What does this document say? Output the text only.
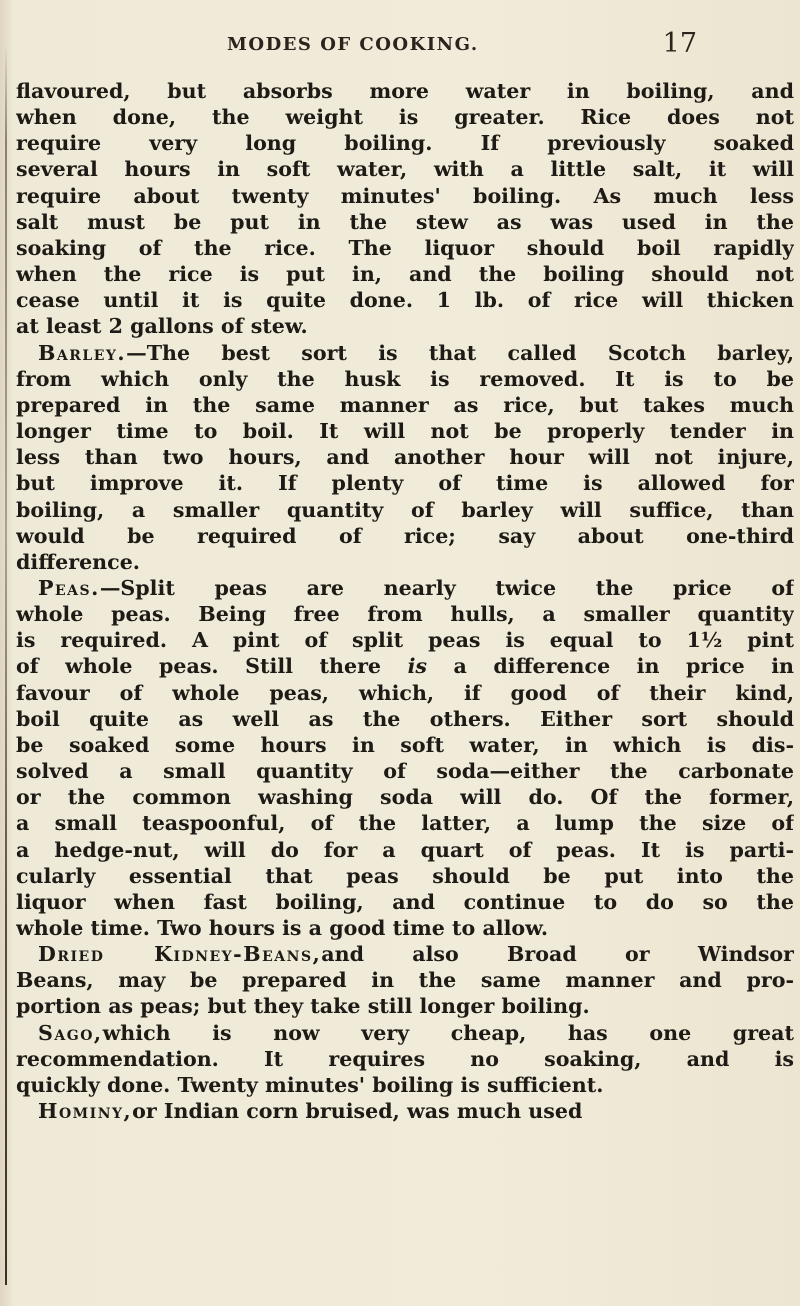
MODES OF COOKING.	17
flavoured, but absorbs more water in boiling, and
when done, the weight is greater. Rice does not
require very long boiling. If previously soaked
several hours in soft water, with a little salt, it will
require about twenty minutes' boiling. As much less
salt must be put in the stew as was used in the
soaking of the rice. The liquor should boil rapidly
when the rice is put in, and the boiling should not
cease until it is quite done. 1 lb. of rice will thicken
at least 2 gallons of stew.
Barley.—The best sort is that called Scotch barley,
from which only the husk is removed. It is to be
prepared in the same manner as rice, but takes much
longer time to boil. It will not be properly tender in
less than two hours, and another hour will not injure,
but improve it. If plenty of time is allowed for
boiling, a smaller quantity of barley will suffice, than
would be required of rice; say about one-third
difference.
Peas.—Split peas are nearly twice the price of
whole peas. Being free from hulls, a smaller quantity
is required. A pint of split peas is equal to 1½ pint
of whole peas. Still there is a difference in price in
favour of whole peas, which, if good of their kind,
boil quite as well as the others. Either sort should
be soaked some hours in soft water, in which is dis-
solved a small quantity of soda—either the carbonate
or the common washing soda will do. Of the former,
a small teaspoonful, of the latter, a lump the size of
a hedge-nut, will do for a quart of peas. It is parti-
cularly essential that peas should be put into the
liquor when fast boiling, and continue to do so the
whole time. Two hours is a good time to allow.
Dried Kidney-Beans,and also Broad or Windsor
Beans, may be prepared in the same manner and pro-
portion as peas; but they take still longer boiling.
Sago,which is now very cheap, has one great
recommendation. It requires no soaking, and is
quickly done. Twenty minutes' boiling is sufficient.
Hominy,or Indian corn bruised, was much used
